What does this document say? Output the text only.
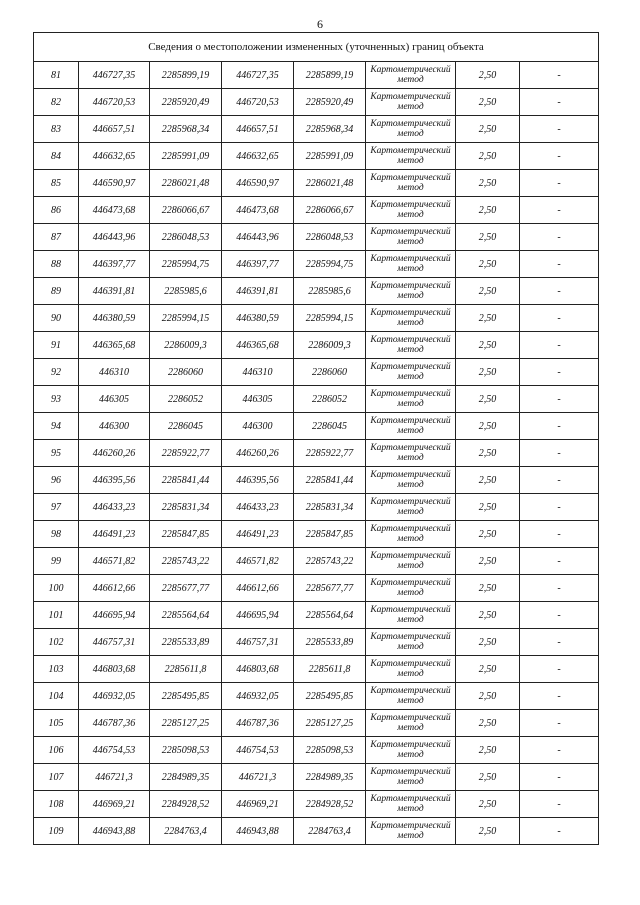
6
Сведения о местоположении измененных (уточненных) границ объекта							
81	446727,35	2285899,19	446727,35	2285899,19	Картометрический метод	2,50	-
82	446720,53	2285920,49	446720,53	2285920,49	Картометрический метод	2,50	-
83	446657,51	2285968,34	446657,51	2285968,34	Картометрический метод	2,50	-
84	446632,65	2285991,09	446632,65	2285991,09	Картометрический метод	2,50	-
85	446590,97	2286021,48	446590,97	2286021,48	Картометрический метод	2,50	-
86	446473,68	2286066,67	446473,68	2286066,67	Картометрический метод	2,50	-
87	446443,96	2286048,53	446443,96	2286048,53	Картометрический метод	2,50	-
88	446397,77	2285994,75	446397,77	2285994,75	Картометрический метод	2,50	-
89	446391,81	2285985,6	446391,81	2285985,6	Картометрический метод	2,50	-
90	446380,59	2285994,15	446380,59	2285994,15	Картометрический метод	2,50	-
91	446365,68	2286009,3	446365,68	2286009,3	Картометрический метод	2,50	-
92	446310	2286060	446310	2286060	Картометрический метод	2,50	-
93	446305	2286052	446305	2286052	Картометрический метод	2,50	-
94	446300	2286045	446300	2286045	Картометрический метод	2,50	-
95	446260,26	2285922,77	446260,26	2285922,77	Картометрический метод	2,50	-
96	446395,56	2285841,44	446395,56	2285841,44	Картометрический метод	2,50	-
97	446433,23	2285831,34	446433,23	2285831,34	Картометрический метод	2,50	-
98	446491,23	2285847,85	446491,23	2285847,85	Картометрический метод	2,50	-
99	446571,82	2285743,22	446571,82	2285743,22	Картометрический метод	2,50	-
100	446612,66	2285677,77	446612,66	2285677,77	Картометрический метод	2,50	-
101	446695,94	2285564,64	446695,94	2285564,64	Картометрический метод	2,50	-
102	446757,31	2285533,89	446757,31	2285533,89	Картометрический метод	2,50	-
103	446803,68	2285611,8	446803,68	2285611,8	Картометрический метод	2,50	-
104	446932,05	2285495,85	446932,05	2285495,85	Картометрический метод	2,50	-
105	446787,36	2285127,25	446787,36	2285127,25	Картометрический метод	2,50	-
106	446754,53	2285098,53	446754,53	2285098,53	Картометрический метод	2,50	-
107	446721,3	2284989,35	446721,3	2284989,35	Картометрический метод	2,50	-
108	446969,21	2284928,52	446969,21	2284928,52	Картометрический метод	2,50	-
109	446943,88	2284763,4	446943,88	2284763,4	Картометрический метод	2,50	-
